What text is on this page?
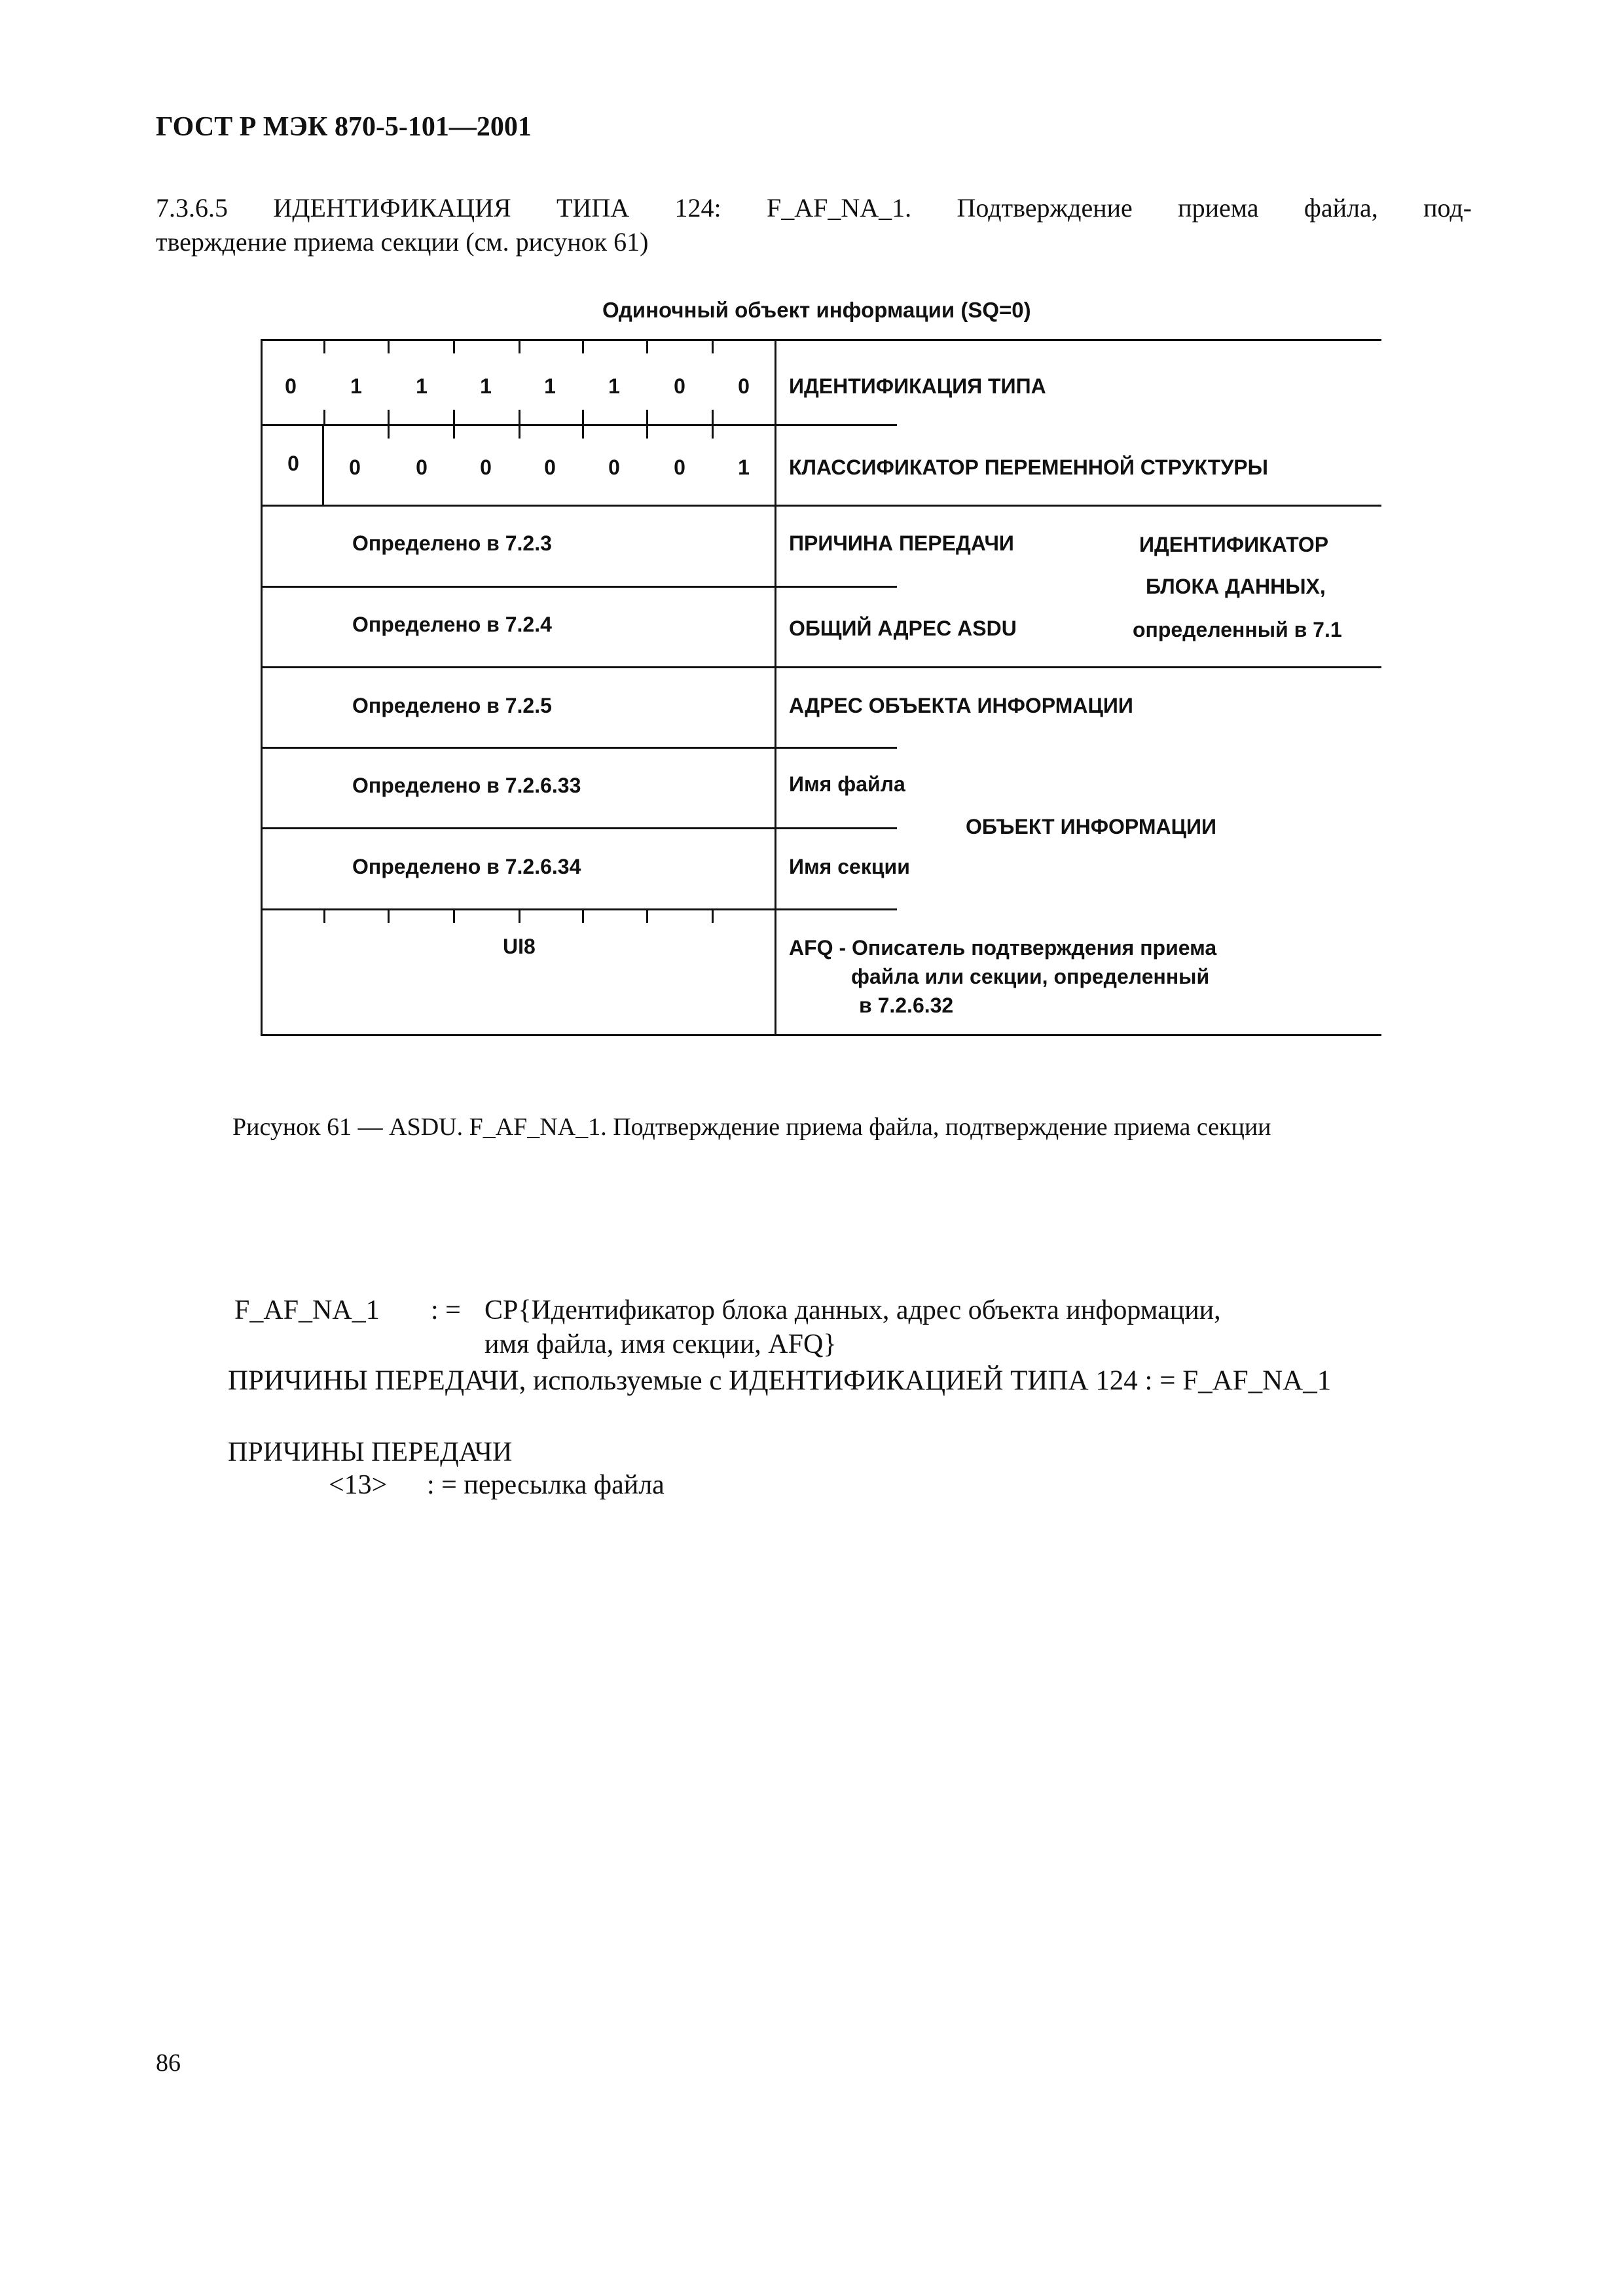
ГОСТ Р МЭК 870-5-101—2001
7.3.6.5 ИДЕНТИФИКАЦИЯ ТИПА 124: F_AF_NA_1. Подтверждение приема файла, под-
тверждение приема секции (см. рисунок 61)
Одиночный объект информации (SQ=0)
0	1	1	1	1	1	0	0	ИДЕНТИФИКАЦИЯ ТИПА
0	0	0	0	0	0	0	1	КЛАССИФИКАТОР ПЕРЕМЕННОЙ СТРУКТУРЫ
Определено в 7.2.3	ПРИЧИНА ПЕРЕДАЧИ	ИДЕНТИФИКАТОР
БЛОКА ДАННЫХ,
Определено в 7.2.4	ОБЩИЙ АДРЕС ASDU	определенный в 7.1
Определено в 7.2.5	АДРЕС ОБЪЕКТА ИНФОРМАЦИИ
Определено в 7.2.6.33	Имя файла
ОБЪЕКТ ИНФОРМАЦИИ
Определено в 7.2.6.34	Имя секции
UI8	AFQ - Описатель подтверждения приема
файла или секции, определенный
в 7.2.6.32
Рисунок 61 — ASDU. F_AF_NA_1. Подтверждение приема файла, подтверждение приема секции
F_AF_NA_1 : = CP{Идентификатор блока данных, адрес объекта информации,
имя файла, имя секции, AFQ}
ПРИЧИНЫ ПЕРЕДАЧИ, используемые с ИДЕНТИФИКАЦИЕЙ ТИПА 124 : = F_AF_NA_1
ПРИЧИНЫ ПЕРЕДАЧИ
<13> : = пересылка файла
86
